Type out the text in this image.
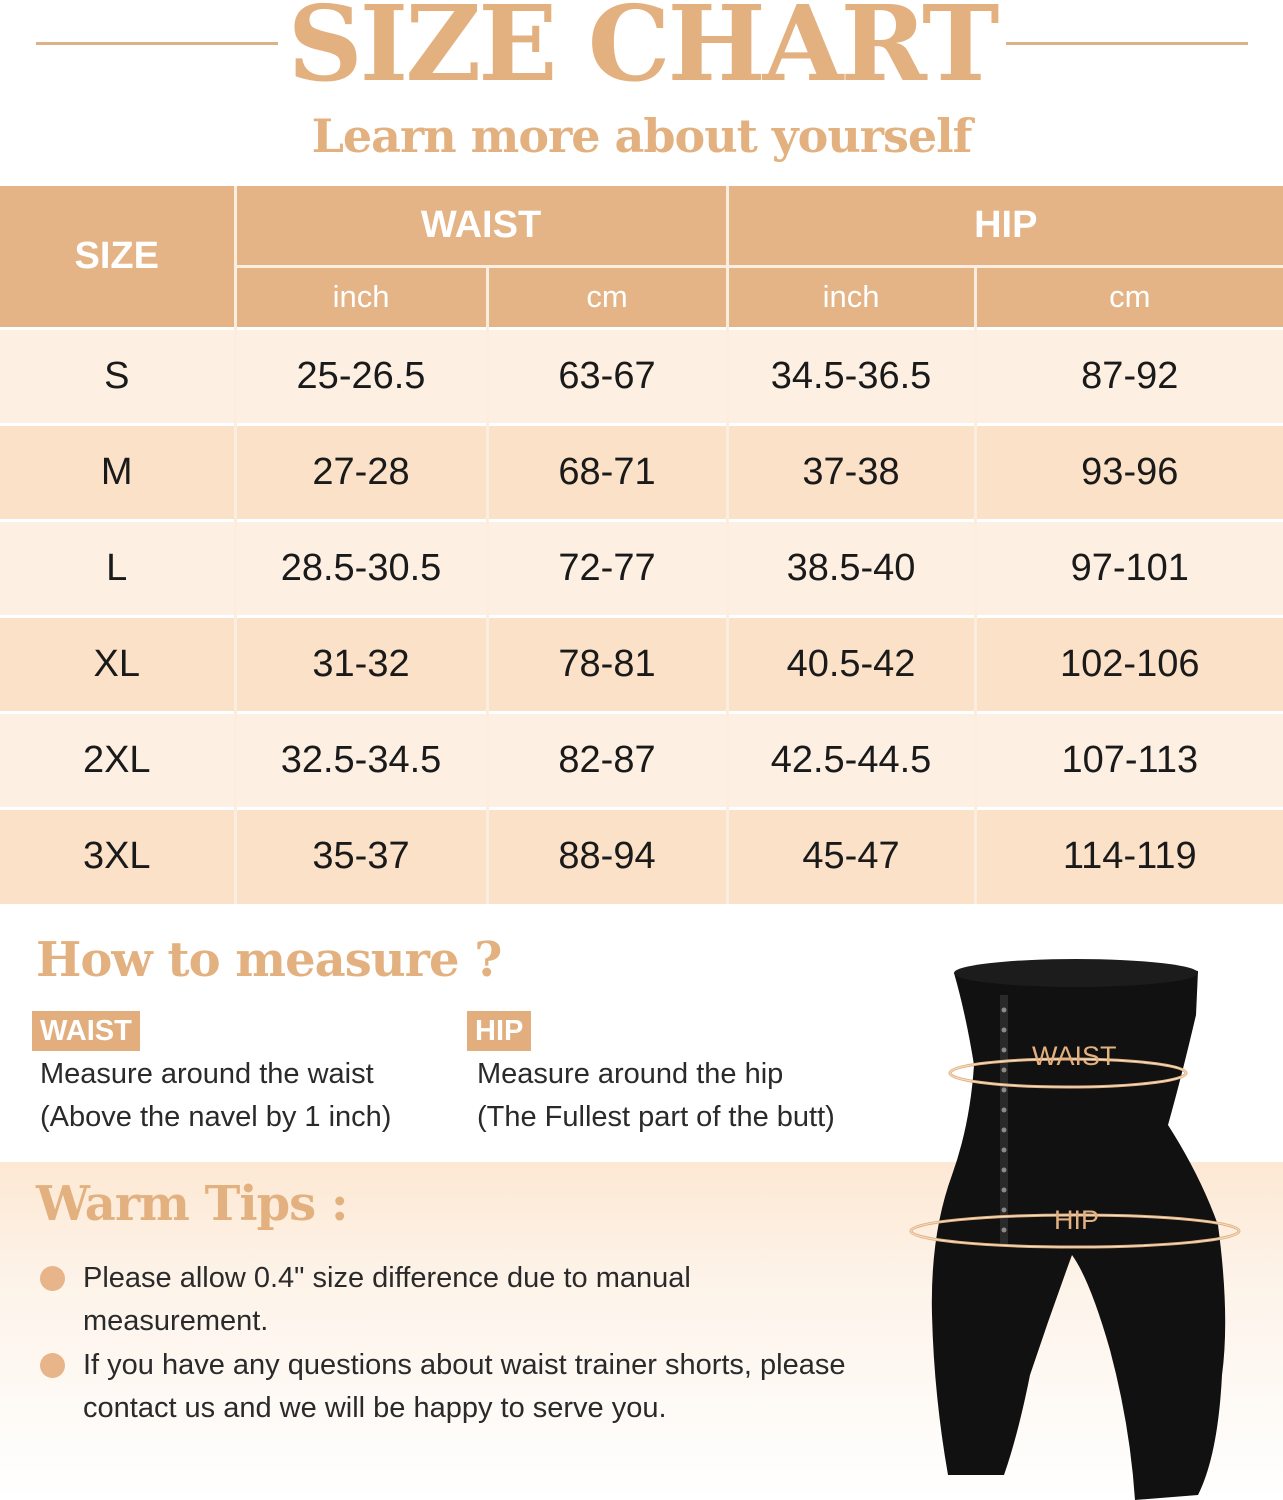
SIZE CHART
Learn more about yourself
SIZE	WAIST		HIP	
	inch	cm	inch	cm
S	25-26.5	63-67	34.5-36.5	87-92
M	27-28	68-71	37-38	93-96
L	28.5-30.5	72-77	38.5-40	97-101
XL	31-32	78-81	40.5-42	102-106
2XL	32.5-34.5	82-87	42.5-44.5	107-113
3XL	35-37	88-94	45-47	114-119
How to measure ?
WAIST
Measure around the waist
(Above the navel by 1 inch)
HIP
Measure around the hip
(The Fullest part of the butt)
Warm Tips :
Please allow 0.4" size difference due to manual measurement.
If you have any questions about waist trainer shorts, please contact us and we will be happy to serve you.
WAIST
HIP
